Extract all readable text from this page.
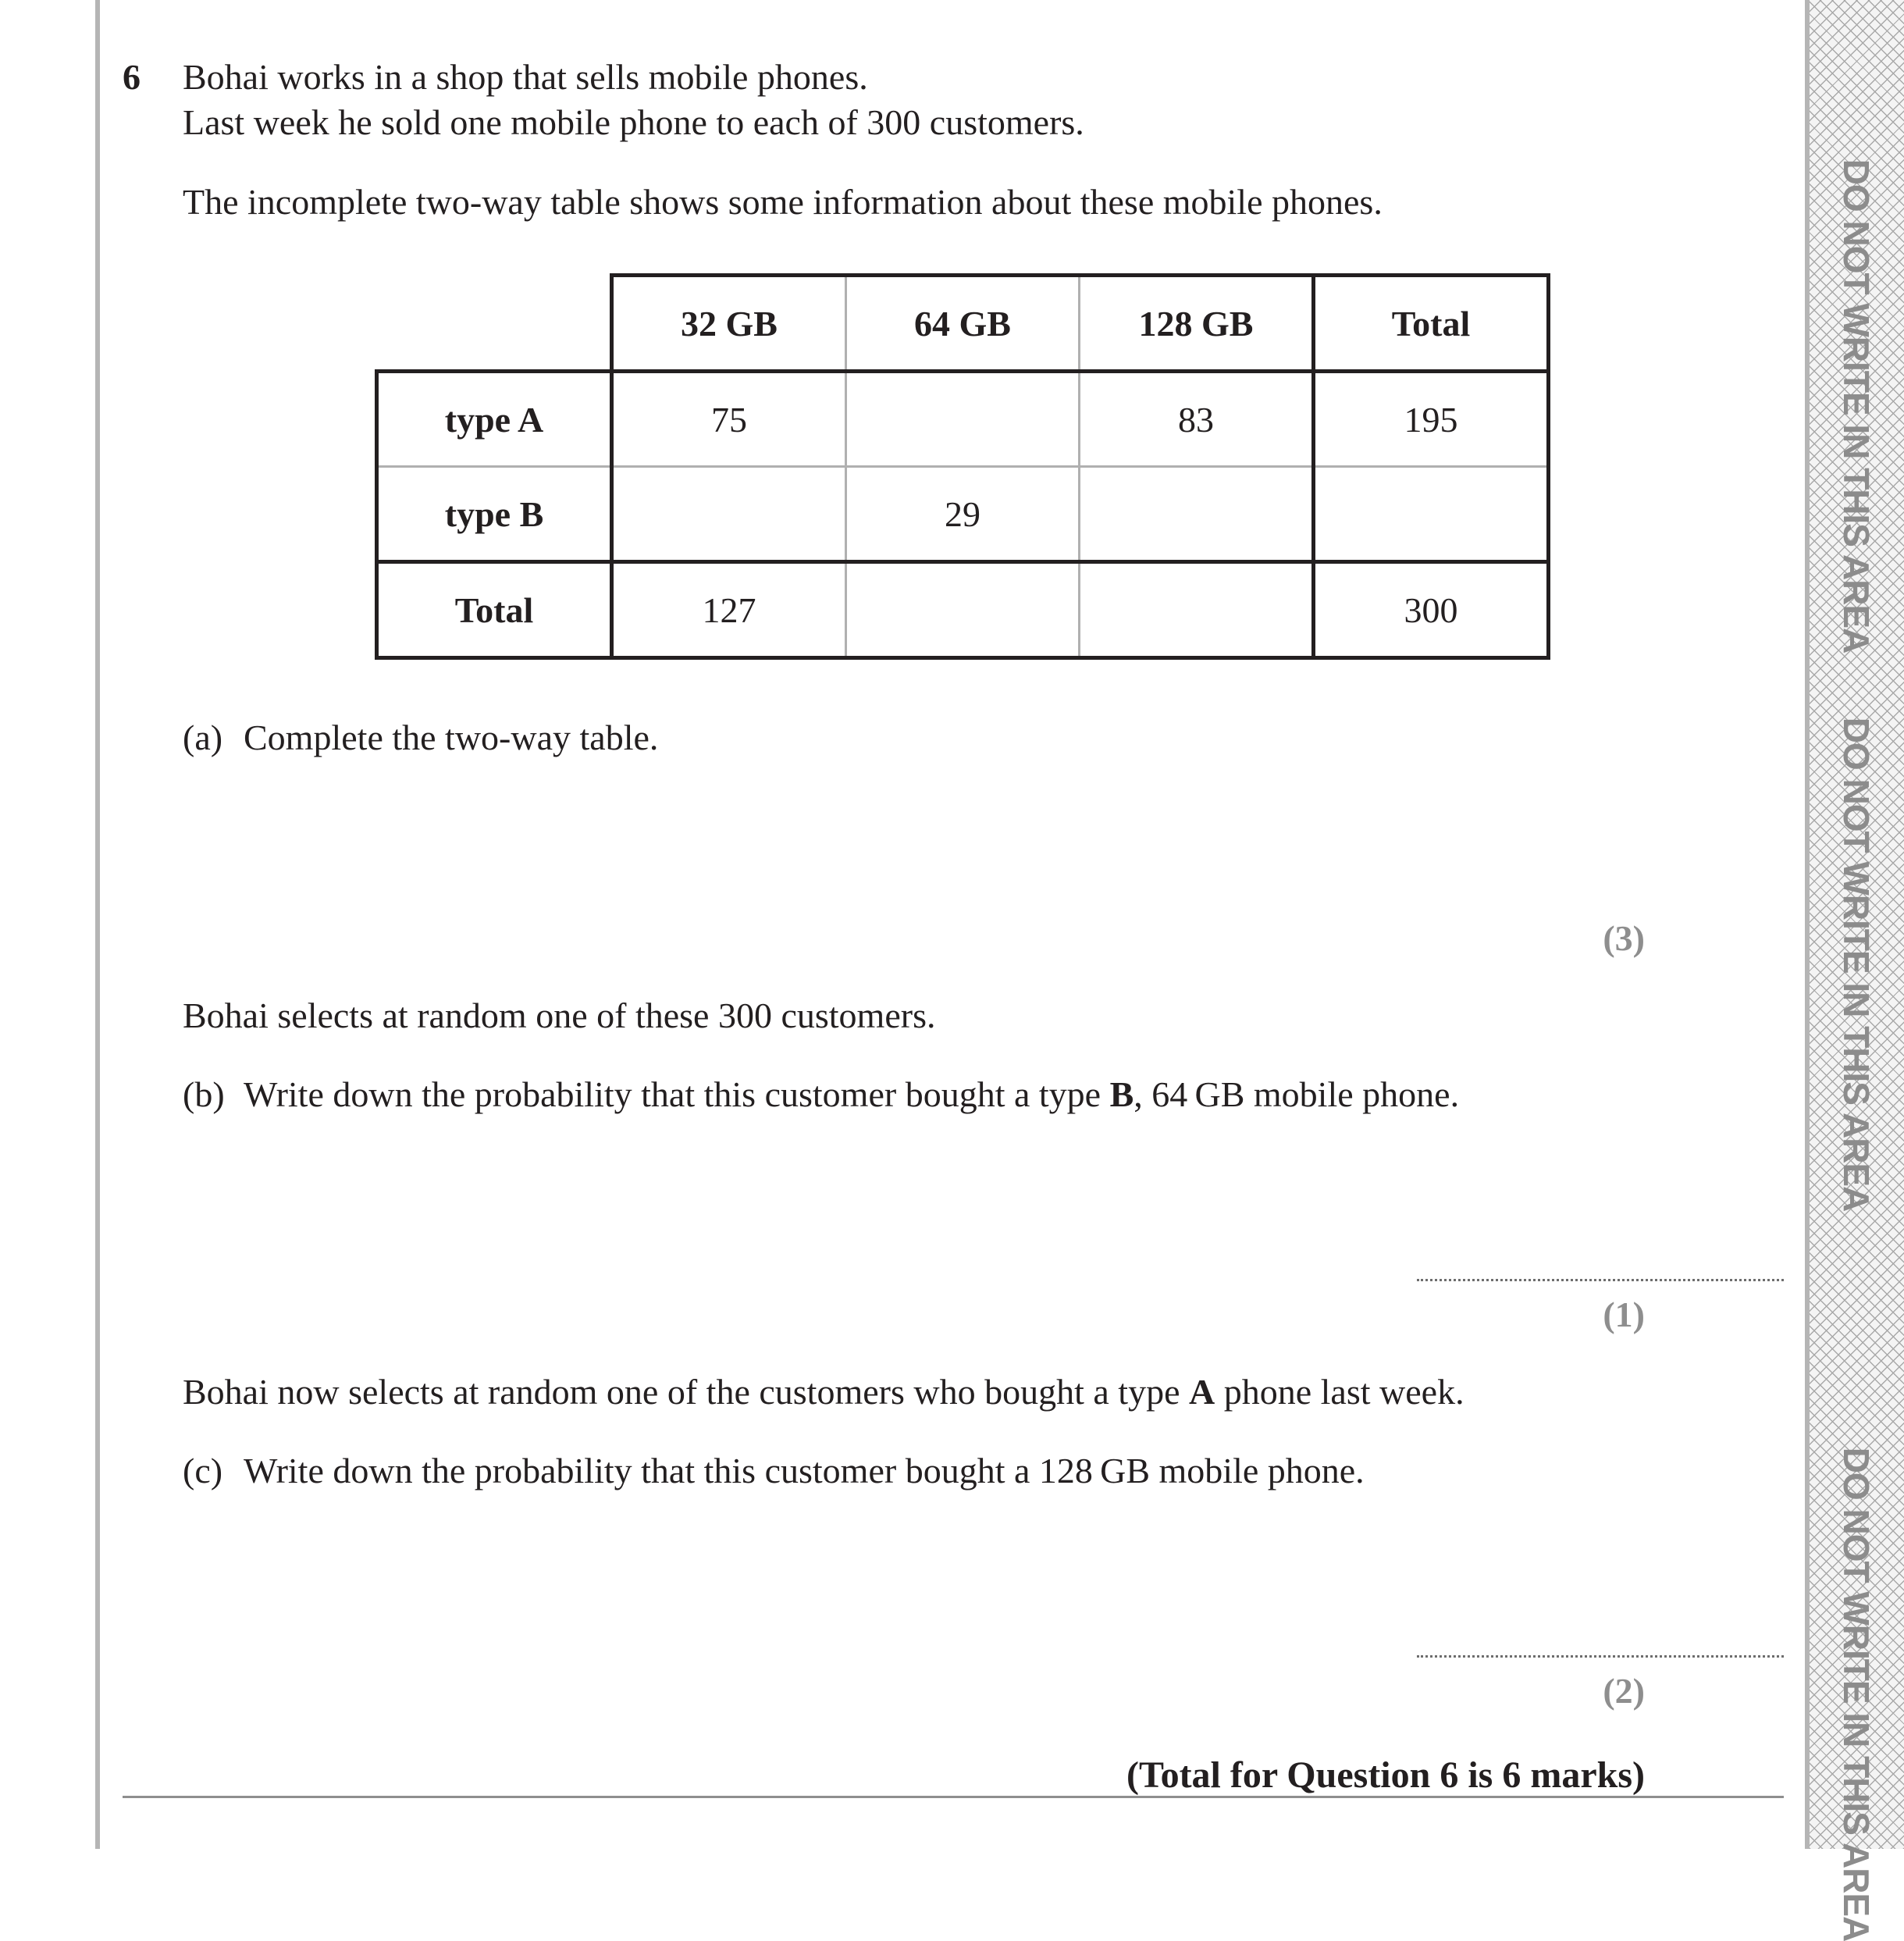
DO NOT WRITE IN THIS AREA
DO NOT WRITE IN THIS AREA
DO NOT WRITE IN THIS AREA
6 Bohai works in a shop that sells mobile phones.
Last week he sold one mobile phone to each of 300 customers.
The incomplete two-way table shows some information about these mobile phones.
	32 GB	64 GB	128 GB	Total
type A	75		83	195
type B		29		
Total	127			300
(a) Complete the two-way table.
(3)
Bohai selects at random one of these 300 customers.
(b) Write down the probability that this customer bought a type B, 64 GB mobile phone.
(1)
Bohai now selects at random one of the customers who bought a type A phone last week.
(c) Write down the probability that this customer bought a 128 GB mobile phone.
(2)
(Total for Question 6 is 6 marks)
